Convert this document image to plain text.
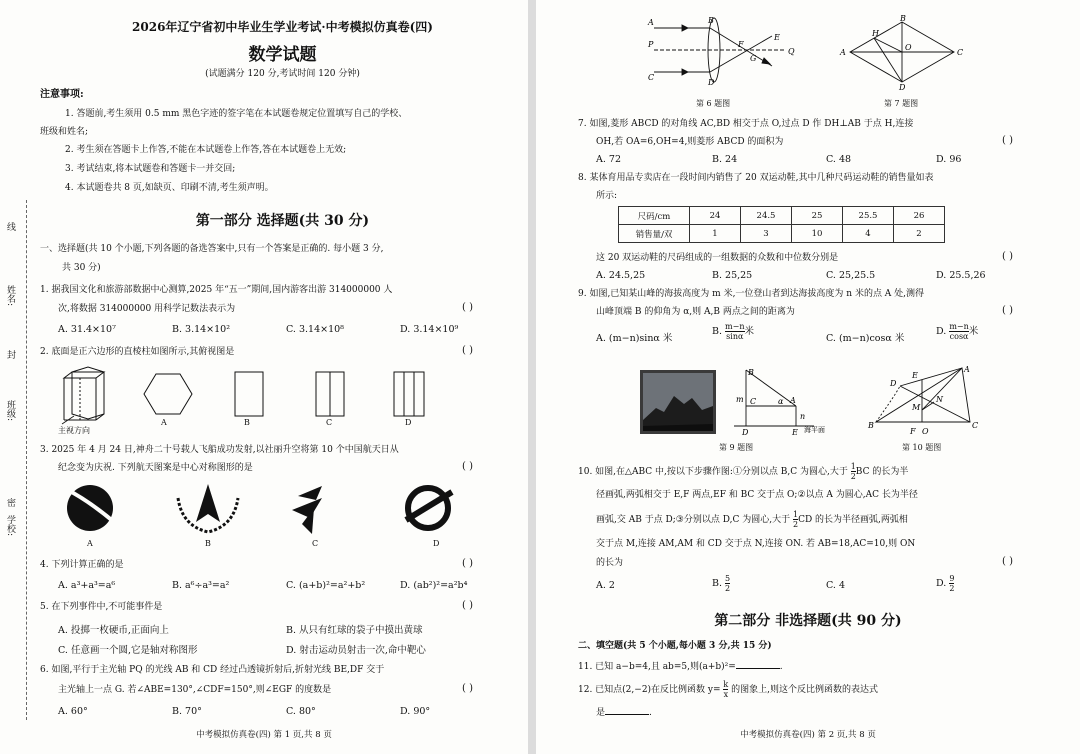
线
姓名:
封
班级:
密
学校:
2026年辽宁省初中毕业生学业考试·中考模拟仿真卷(四)
数学试题
(试题满分 120 分,考试时间 120 分钟)
注意事项:
1. 答题前,考生须用 0.5 mm 黑色字迹的签字笔在本试题卷规定位置填写自己的学校、
班级和姓名;
2. 考生须在答题卡上作答,不能在本试题卷上作答,答在本试题卷上无效;
3. 考试结束,将本试题卷和答题卡一并交回;
4. 本试题卷共 8 页,如缺页、印刷不清,考生须声明。
第一部分 选择题(共 30 分)
一、选择题(共 10 个小题,下列各题的备选答案中,只有一个答案是正确的. 每小题 3 分,
共 30 分)
1. 据我国文化和旅游部数据中心测算,2025 年“五一”期间,国内游客出游 314000000 人
次,将数据 314000000 用科学记数法表示为	( )
A. 31.4×10⁷	B. 3.14×10²	C. 3.14×10⁸	D. 3.14×10⁹
2. 底面是正六边形的直棱柱如图所示,其俯视图是	( )
主视方向
A	B	C	D
3. 2025 年 4 月 24 日,神舟二十号载人飞船成功发射,以社丽升空将第 10 个中国航天日从
纪念变为庆祝. 下列航天图案是中心对称图形的是	( )
CNSA
A	B	C	D
4. 下列计算正确的是	( )
A. a³+a³=a⁶	B. a⁶÷a³=a²	C. (a+b)²=a²+b²	D. (ab²)²=a²b⁴
5. 在下列事件中,不可能事件是	( )
A. 投掷一枚硬币,正面向上	B. 从只有红球的袋子中摸出黄球
C. 任意画一个圆,它是轴对称图形	D. 射击运动员射击一次,命中靶心
6. 如图,平行于主光轴 PQ 的光线 AB 和 CD 经过凸透镜折射后,折射光线 BE,DF 交于
主光轴上一点 G. 若∠ABE=130°,∠CDF=150°,则∠EGF 的度数是	( )
A. 60°	B. 70°	C. 80°	D. 90°
中考模拟仿真卷(四) 第 1 页,共 8 页
A	B
P	F
Q
C
D
G
E
第 6 题图
B
H
A
O
C
D
第 7 题图
7. 如图,菱形 ABCD 的对角线 AC,BD 相交于点 O,过点 D 作 DH⊥AB 于点 H,连接
OH,若 OA=6,OH=4,则菱形 ABCD 的面积为	( )
A. 72	B. 24	C. 48	D. 96
8. 某体育用品专卖店在一段时间内销售了 20 双运动鞋,其中几种尺码运动鞋的销售量如表
所示:
尺码/cm	24	24.5	25	25.5	26
销售量/双	1	3	10	4	2
这 20 双运动鞋的尺码组成的一组数据的众数和中位数分别是	( )
A. 24.5,25	B. 25,25	C. 25,25.5	D. 25.5,26
9. 如图,已知某山峰的海拔高度为 m 米,一位登山者到达海拔高度为 n 米的点 A 处,测得
山峰顶端 B 的仰角为 α,则 A,B 两点之间的距离为	( )
A. (m−n)sinα 米
B. $\frac{m-n}{\sin\alpha}$ 米
C. (m−n)cosα 米
D. $\frac{m-n}{\cos\alpha}$ 米
B
m C	α A
n
D	E 海平面
第 9 题图
A
D
E
M
N
B
F O
C
第 10 题图
10. 如图,在△ABC 中,按以下步骤作图:①分别以点 B,C 为圆心,大于 $\frac{1}{2}$ BC 的长为半
径画弧,两弧相交于 E,F 两点,EF 和 BC 交于点 O;②以点 A 为圆心,AC 长为半径
画弧,交 AB 于点 D;③分别以点 D,C 为圆心,大于 $\frac{1}{2}$ CD 的长为半径画弧,两弧相
交于点 M,连接 AM,AM 和 CD 交于点 N,连接 ON. 若 AB=18,AC=10,则 ON
的长为	( )
A. 2	B. $\frac{5}{2}$	C. 4	D. $\frac{9}{2}$
第二部分 非选择题(共 90 分)
二、填空题(共 5 个小题,每小题 3 分,共 15 分)
11. 已知 a−b=4,且 ab=5,则(a+b)²=	.
12. 已知点(2,−2)在反比例函数 $y= \frac{k}{x}$ 的图象上,则这个反比例函数的表达式
是	.
中考模拟仿真卷(四) 第 2 页,共 8 页
